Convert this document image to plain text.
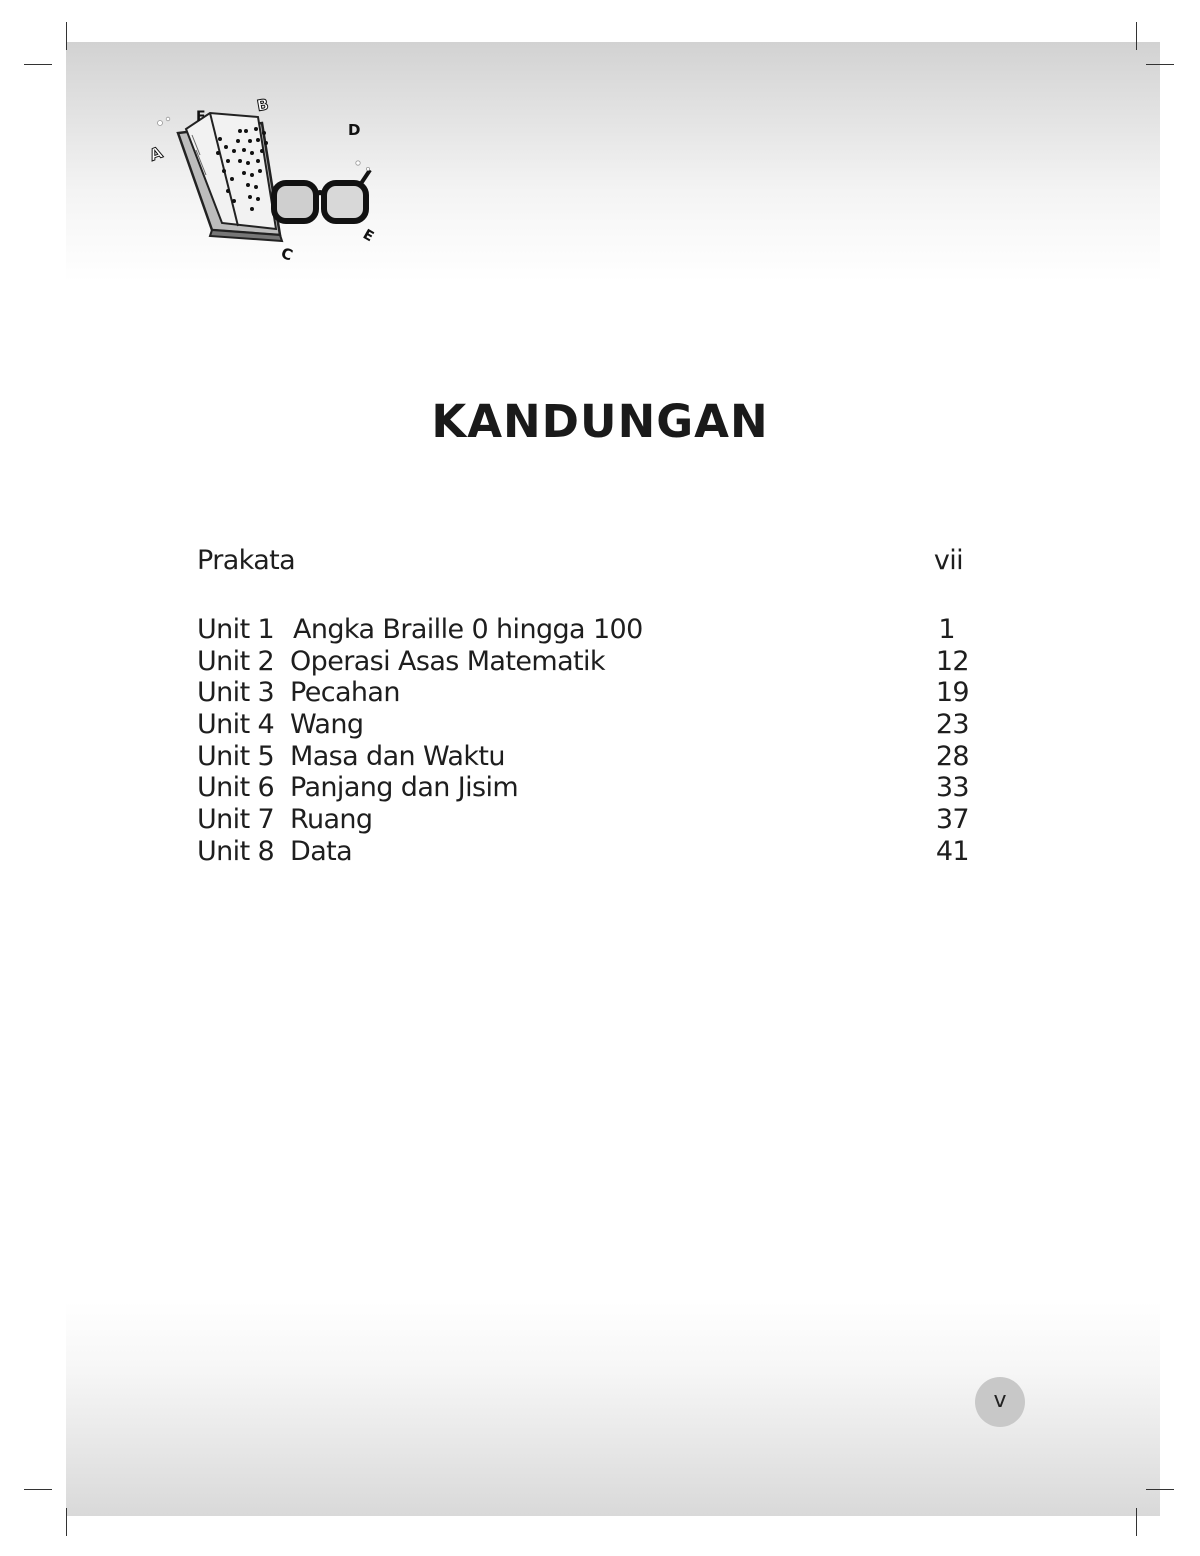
A
B
C
D
E
F
KANDUNGAN
Prakata	vii
Unit 1 Angka Braille 0 hingga 100	1
Unit 2 Operasi Asas Matematik	12
Unit 3 Pecahan	19
Unit 4 Wang	23
Unit 5 Masa dan Waktu	28
Unit 6 Panjang dan Jisim	33
Unit 7 Ruang	37
Unit 8 Data	41
v
